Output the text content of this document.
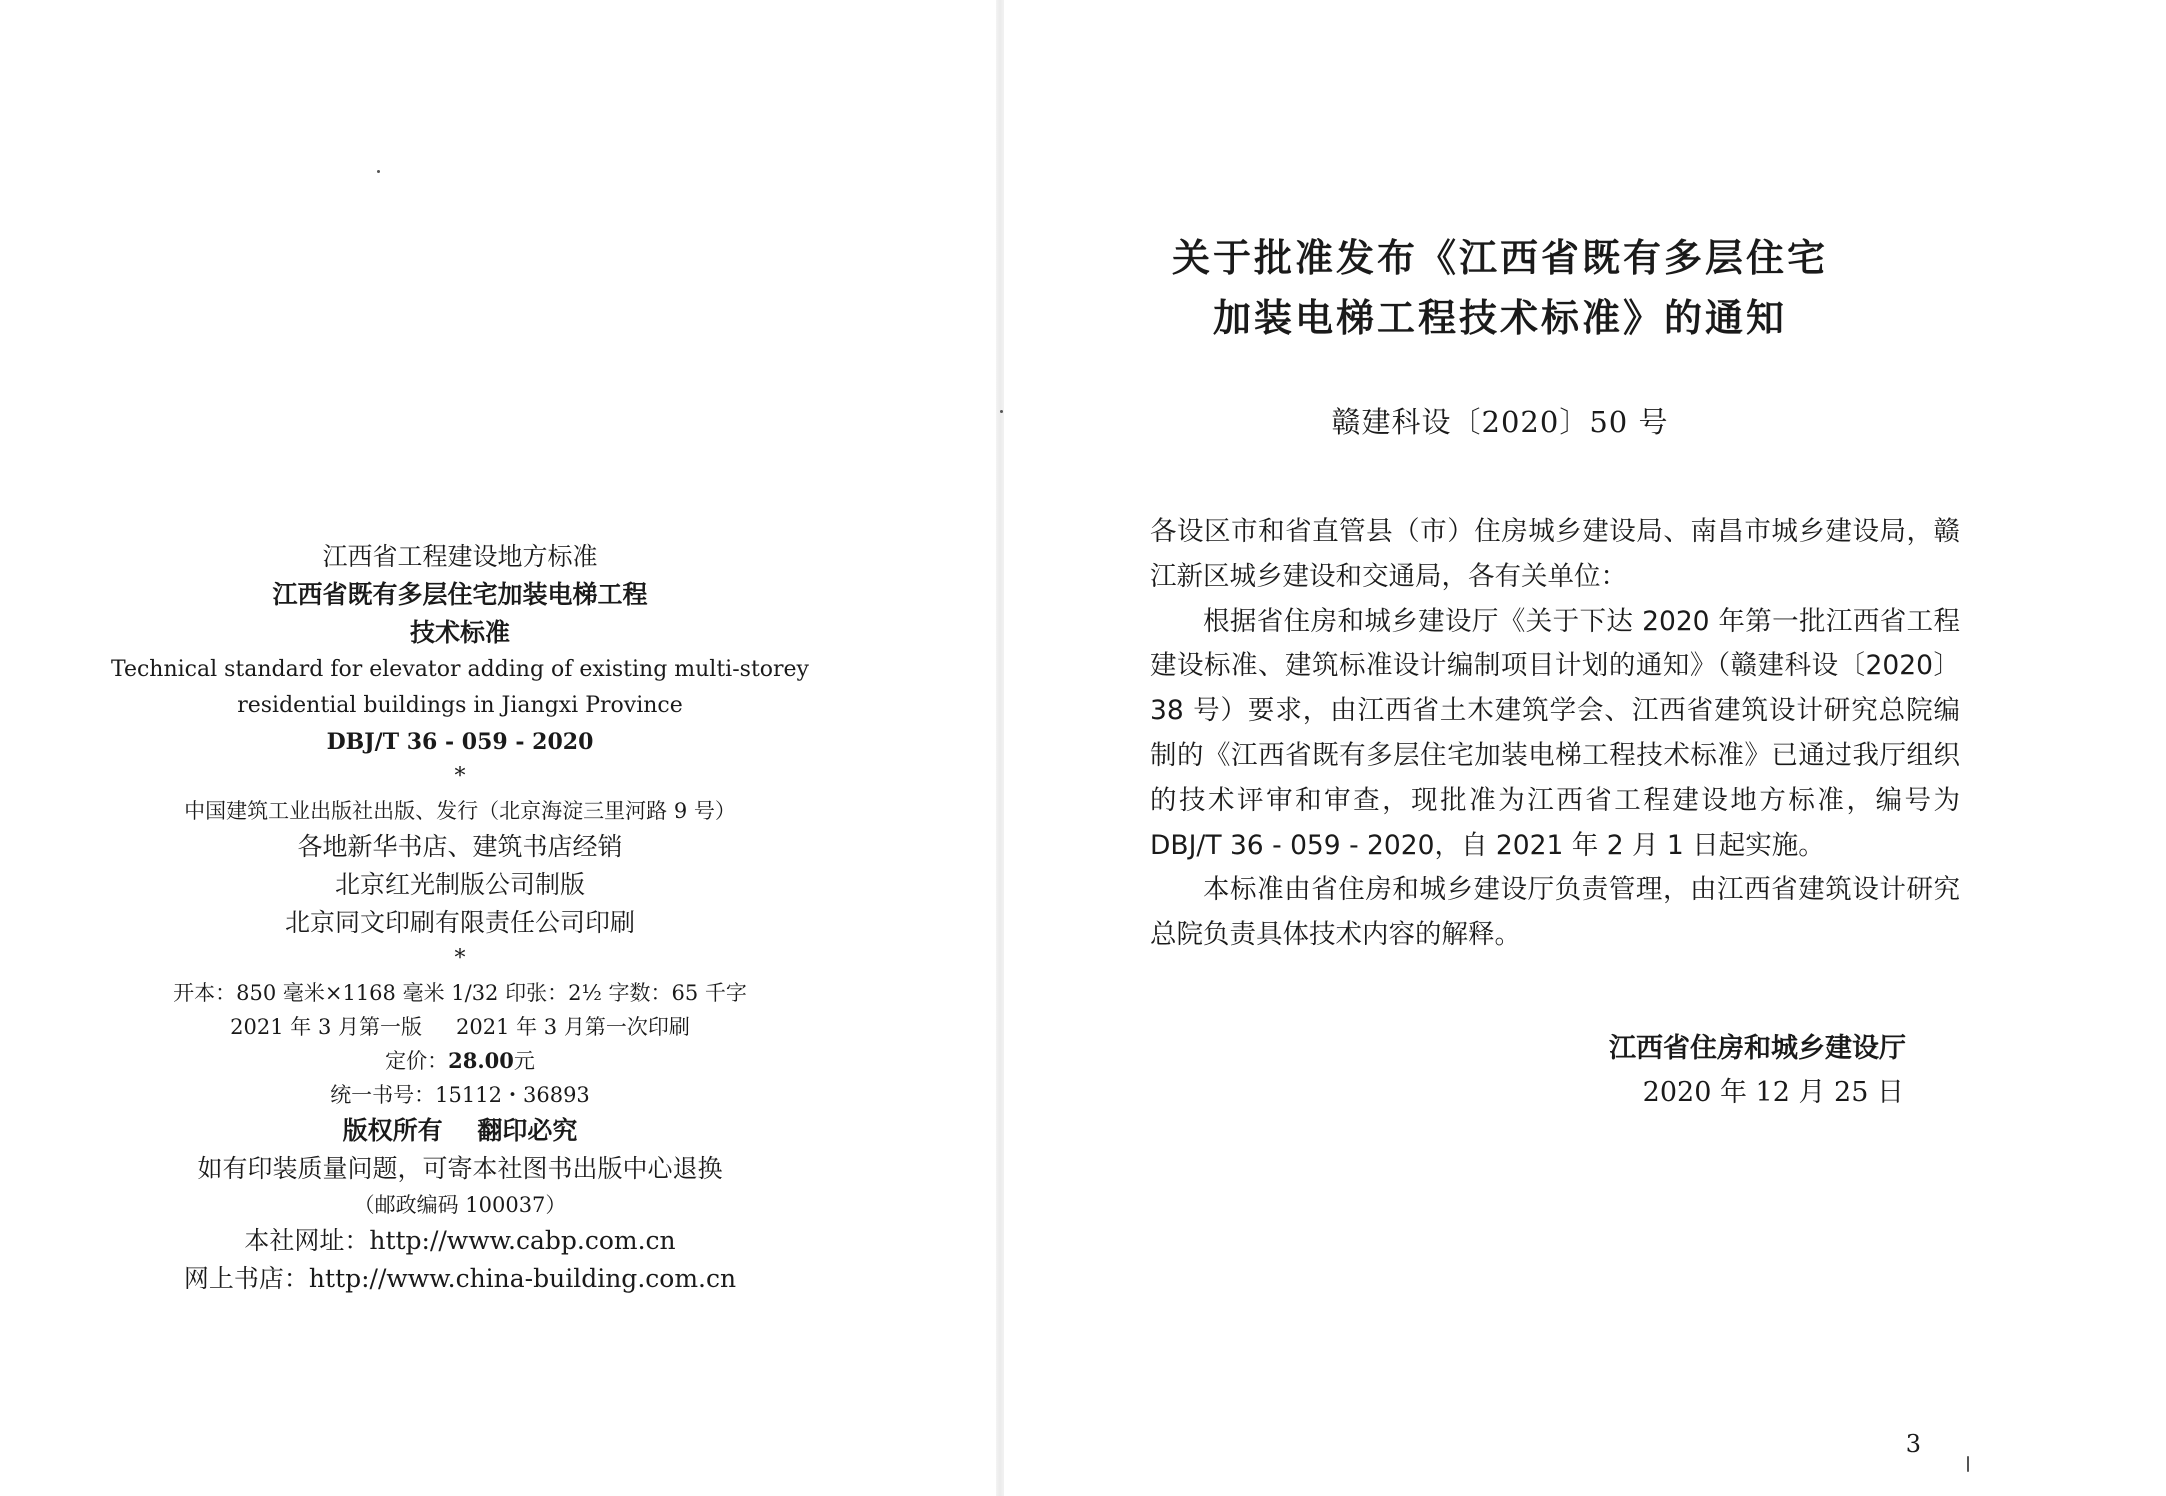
江西省工程建设地方标准
江西省既有多层住宅加装电梯工程
技术标准
Technical standard for elevator adding of existing multi-storey
residential buildings in Jiangxi Province
DBJ/T 36 - 059 - 2020
*
中国建筑工业出版社出版、发行（北京海淀三里河路 9 号）
各地新华书店、建筑书店经销
北京红光制版公司制版
北京同文印刷有限责任公司印刷
*
开本：850 毫米×1168 毫米 1/32 印张：2½ 字数：65 千字
2021 年 3 月第一版 2021 年 3 月第一次印刷
定价：28.00元
统一书号：15112・36893
版权所有    翻印必究
如有印装质量问题，可寄本社图书出版中心退换
（邮政编码 100037）
本社网址：http://www.cabp.com.cn
网上书店：http://www.china-building.com.cn
关于批准发布《江西省既有多层住宅
加装电梯工程技术标准》的通知
赣建科设〔2020〕50 号

各设区市和省直管县（市）住房城乡建设局、南昌市城乡建设局，赣江新区城乡建设和交通局，各有关单位：

根据省住房和城乡建设厅《关于下达 2020 年第一批江西省工程建设标准、建筑标准设计编制项目计划的通知》（赣建科设〔2020〕38 号）要求，由江西省土木建筑学会、江西省建筑设计研究总院编制的《江西省既有多层住宅加装电梯工程技术标准》已通过我厅组织的技术评审和审查，现批准为江西省工程建设地方标准，编号为 DBJ/T 36 - 059 - 2020，自 2021 年 2 月 1 日起实施。

本标准由省住房和城乡建设厅负责管理，由江西省建筑设计研究总院负责具体技术内容的解释。

江西省住房和城乡建设厅
2020 年 12 月 25 日
3
